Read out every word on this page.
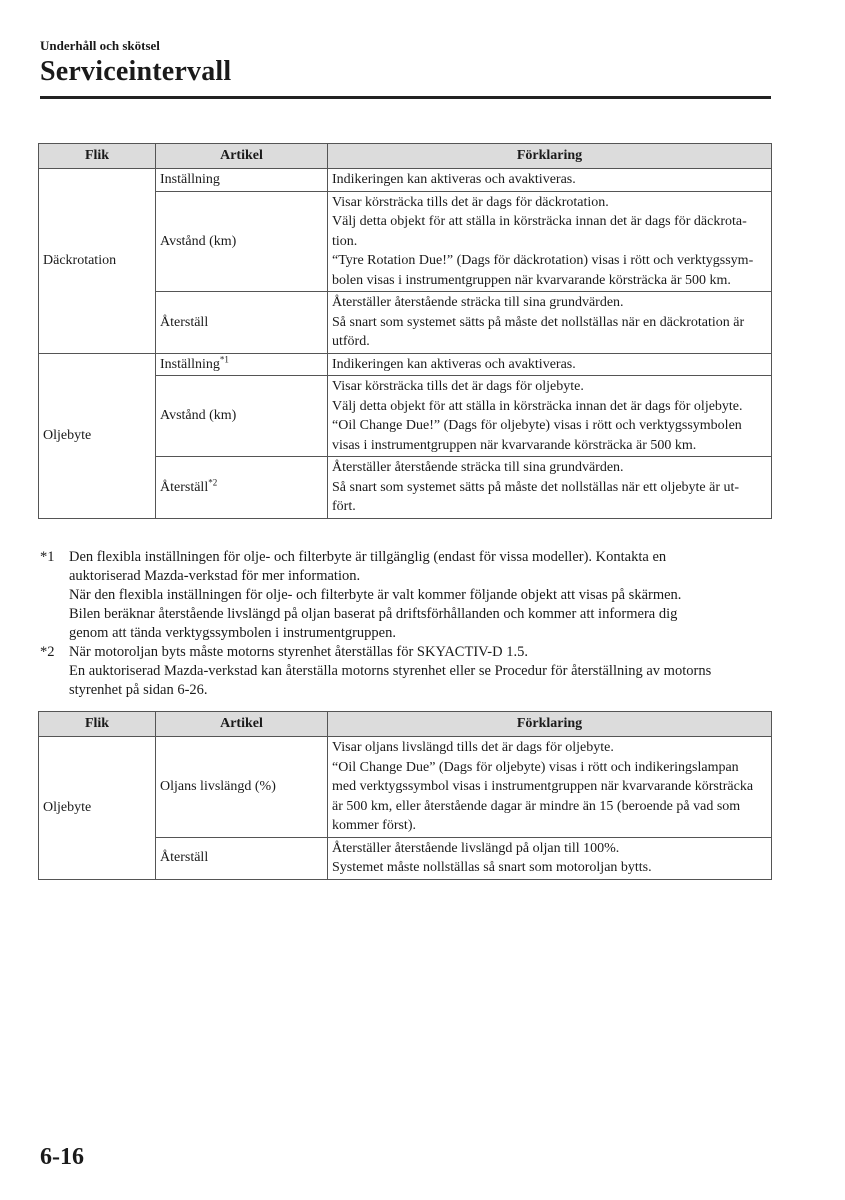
Underhåll och skötsel
Serviceintervall
Flik	Artikel	Förklaring
Däckrotation	Inställning	Indikeringen kan aktiveras och avaktiveras.

	Avstånd (km)	Visar körsträcka tills det är dags för däckrotation.
Välj detta objekt för att ställa in körsträcka innan det är dags för däckrota-
tion.
“Tyre Rotation Due!” (Dags för däckrotation) visas i rött och verktygssym-
bolen visas i instrumentgruppen när kvarvarande körsträcka är 500 km.

	Återställ	Återställer återstående sträcka till sina grundvärden.
Så snart som systemet sätts på måste det nollställas när en däckrotation är
utförd.

Oljebyte	Inställning$^{*1}$	Indikeringen kan aktiveras och avaktiveras.

	Avstånd (km)	Visar körsträcka tills det är dags för oljebyte.
Välj detta objekt för att ställa in körsträcka innan det är dags för oljebyte.
“Oil Change Due!” (Dags för oljebyte) visas i rött och verktygssymbolen
visas i instrumentgruppen när kvarvarande körsträcka är 500 km.

	Återställ$^{*2}$	Återställer återstående sträcka till sina grundvärden.
Så snart som systemet sätts på måste det nollställas när ett oljebyte är ut-
fört.
*1	Den flexibla inställningen för olje- och filterbyte är tillgänglig (endast för vissa modeller). Kontakta en
auktoriserad Mazda-verkstad för mer information.
När den flexibla inställningen för olje- och filterbyte är valt kommer följande objekt att visas på skärmen.
Bilen beräknar återstående livslängd på oljan baserat på driftsförhållanden och kommer att informera dig
genom att tända verktygssymbolen i instrumentgruppen.
*2	När motoroljan byts måste motorns styrenhet återställas för SKYACTIV-D 1.5.
En auktoriserad Mazda-verkstad kan återställa motorns styrenhet eller se Procedur för återställning av motorns
styrenhet på sidan 6-26.
Flik	Artikel	Förklaring
Oljebyte	Oljans livslängd (%)	Visar oljans livslängd tills det är dags för oljebyte.
“Oil Change Due” (Dags för oljebyte) visas i rött och indikeringslampan
med verktygssymbol visas i instrumentgruppen när kvarvarande körsträcka
är 500 km, eller återstående dagar är mindre än 15 (beroende på vad som
kommer först).

	Återställ	Återställer återstående livslängd på oljan till 100%.
Systemet måste nollställas så snart som motoroljan bytts.
6-16
